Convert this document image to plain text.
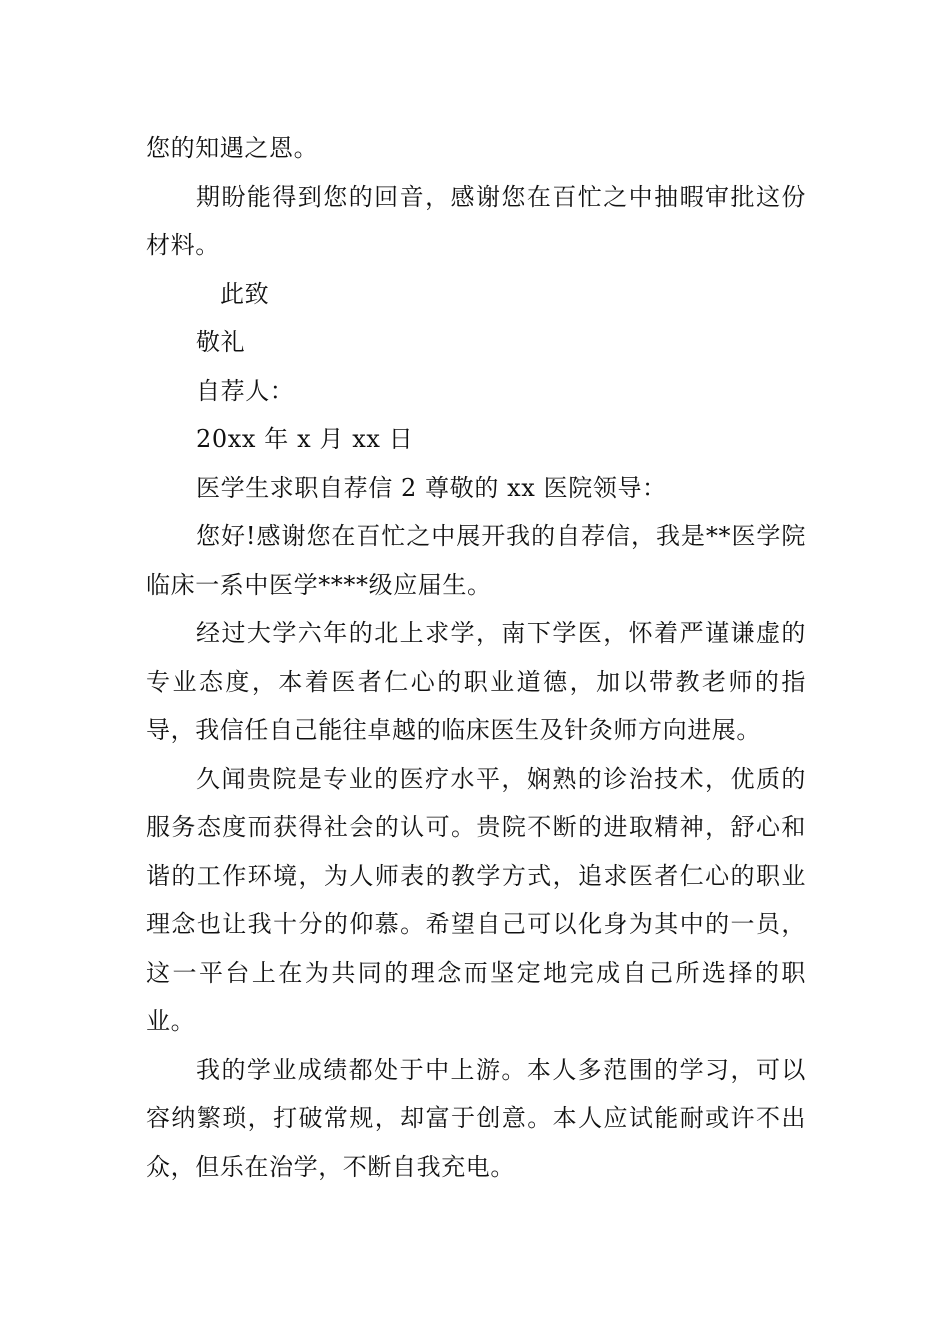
您的知遇之恩。

期盼能得到您的回音，感谢您在百忙之中抽暇审批这份材料。

此致

敬礼

自荐人：

20xx 年 x 月 xx 日

医学生求职自荐信 2 尊敬的 xx 医院领导：

您好!感谢您在百忙之中展开我的自荐信，我是**医学院临床一系中医学****级应届生。

经过大学六年的北上求学，南下学医，怀着严谨谦虚的专业态度，本着医者仁心的职业道德，加以带教老师的指导，我信任自己能往卓越的临床医生及针灸师方向进展。

久闻贵院是专业的医疗水平，娴熟的诊治技术，优质的服务态度而获得社会的认可。贵院不断的进取精神，舒心和谐的工作环境，为人师表的教学方式，追求医者仁心的职业理念也让我十分的仰慕。希望自己可以化身为其中的一员，这一平台上在为共同的理念而坚定地完成自己所选择的职业。

我的学业成绩都处于中上游。本人多范围的学习，可以容纳繁琐，打破常规，却富于创意。本人应试能耐或许不出众，但乐在治学，不断自我充电。
